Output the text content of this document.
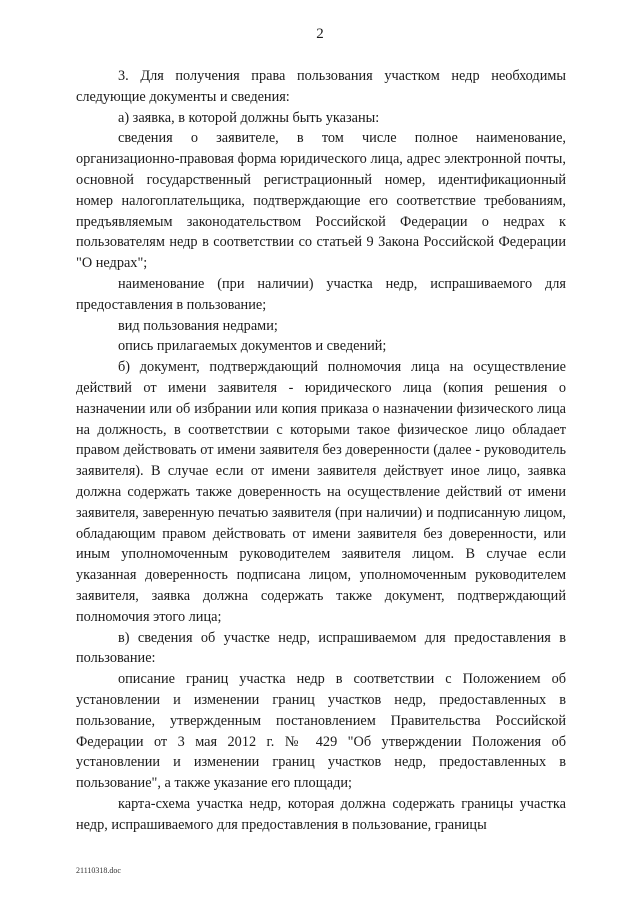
2

3. Для получения права пользования участком недр необходимы следующие документы и сведения:

а) заявка, в которой должны быть указаны:

сведения о заявителе, в том числе полное наименование, организационно-правовая форма юридического лица, адрес электронной почты, основной государственный регистрационный номер, идентификационный номер налогоплательщика, подтверждающие его соответствие требованиям, предъявляемым законодательством Российской Федерации о недрах к пользователям недр в соответствии со статьей 9 Закона Российской Федерации "О недрах";

наименование (при наличии) участка недр, испрашиваемого для предоставления в пользование;

вид пользования недрами;

опись прилагаемых документов и сведений;

б) документ, подтверждающий полномочия лица на осуществление действий от имени заявителя - юридического лица (копия решения о назначении или об избрании или копия приказа о назначении физического лица на должность, в соответствии с которыми такое физическое лицо обладает правом действовать от имени заявителя без доверенности (далее - руководитель заявителя). В случае если от имени заявителя действует иное лицо, заявка должна содержать также доверенность на осуществление действий от имени заявителя, заверенную печатью заявителя (при наличии) и подписанную лицом, обладающим правом действовать от имени заявителя без доверенности, или иным уполномоченным руководителем заявителя лицом. В случае если указанная доверенность подписана лицом, уполномоченным руководителем заявителя, заявка должна содержать также документ, подтверждающий полномочия этого лица;

в) сведения об участке недр, испрашиваемом для предоставления в пользование:

описание границ участка недр в соответствии с Положением об установлении и изменении границ участков недр, предоставленных в пользование, утвержденным постановлением Правительства Российской Федерации от 3 мая 2012 г. № 429 "Об утверждении Положения об установлении и изменении границ участков недр, предоставленных в пользование", а также указание его площади;

карта-схема участка недр, которая должна содержать границы участка недр, испрашиваемого для предоставления в пользование, границы

21110318.doc
